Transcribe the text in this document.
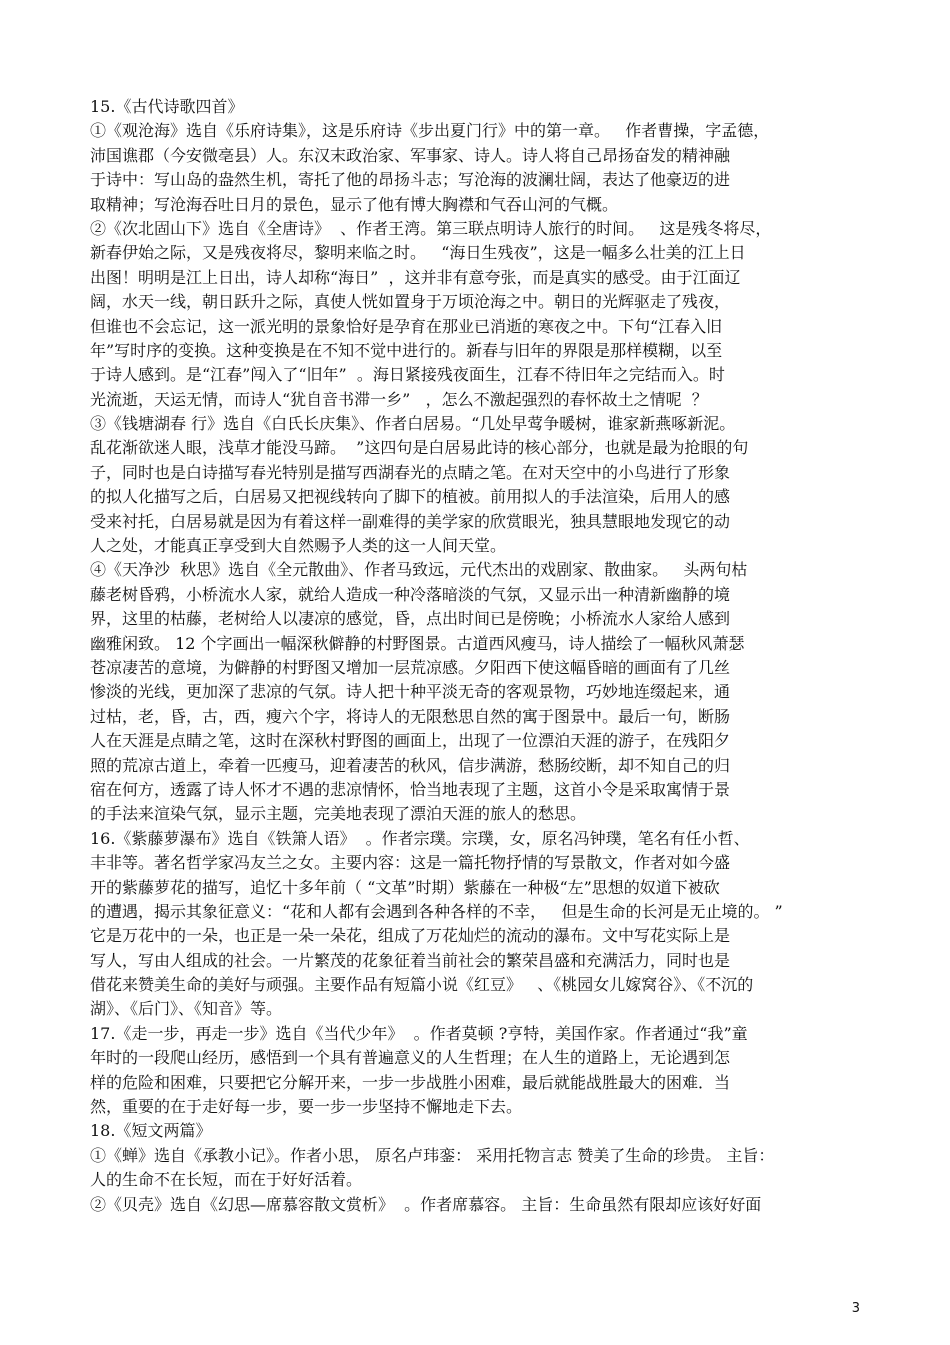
15.《古代诗歌四首》
①《观沧海》选自《乐府诗集》，这是乐府诗《步出夏门行》中的第一章。   作者曹操，字孟德，
沛国谯郡（今安微亳县）人。东汉末政治家、军事家、诗人。诗人将自己昂扬奋发的精神融
于诗中：写山岛的盎然生机，寄托了他的昂扬斗志；写沧海的波澜壮阔，表达了他豪迈的进
取精神；写沧海吞吐日月的景色，显示了他有博大胸襟和气吞山河的气概。
②《次北固山下》选自《全唐诗》  、作者王湾。第三联点明诗人旅行的时间。   这是残冬将尽，
新春伊始之际，又是残夜将尽，黎明来临之时。   “海日生残夜”，这是一幅多么壮美的江上日
出图！明明是江上日出，诗人却称“海日”  ，这并非有意夸张，而是真实的感受。由于江面辽
阔，水天一线，朝日跃升之际，真使人恍如置身于万顷沧海之中。朝日的光辉驱走了残夜，
但谁也不会忘记，这一派光明的景象恰好是孕育在那业已消逝的寒夜之中。下句“江春入旧
年”写时序的变换。这种变换是在不知不觉中进行的。新春与旧年的界限是那样模糊，以至
于诗人感到。是“江春”闯入了“旧年”  。海日紧接残夜面生，江春不待旧年之完结而入。时
光流逝，天运无情，而诗人“犹自音书滞一乡”   ，怎么不激起强烈的春怀故土之情呢  ？
③《钱塘湖春 行》选自《白氏长庆集》、作者白居易。“几处早莺争暖树，谁家新燕啄新泥。
乱花渐欲迷人眼，浅草才能没马蹄。  ”这四句是白居易此诗的核心部分，也就是最为抢眼的句
子，同时也是白诗描写春光特别是描写西湖春光的点睛之笔。在对天空中的小鸟进行了形象
的拟人化描写之后，白居易又把视线转向了脚下的植被。前用拟人的手法渲染，后用人的感
受来衬托，白居易就是因为有着这样一副难得的美学家的欣赏眼光，独具慧眼地发现它的动
人之处，才能真正享受到大自然赐予人类的这一人间天堂。
④《天净沙  秋思》选自《全元散曲》、作者马致远，元代杰出的戏剧家、散曲家。   头两句枯
藤老树昏鸦，小桥流水人家，就给人造成一种冷落暗淡的气氛，又显示出一种清新幽静的境
界，这里的枯藤，老树给人以凄凉的感觉，昏，点出时间已是傍晚；小桥流水人家给人感到
幽雅闲致。 12 个字画出一幅深秋僻静的村野图景。古道西风瘦马，诗人描绘了一幅秋风萧瑟
苍凉凄苦的意境，为僻静的村野图又增加一层荒凉感。夕阳西下使这幅昏暗的画面有了几丝
惨淡的光线，更加深了悲凉的气氛。诗人把十种平淡无奇的客观景物，巧妙地连缀起来，通
过枯，老，昏，古，西，瘦六个字，将诗人的无限愁思自然的寓于图景中。最后一句，断肠
人在天涯是点睛之笔，这时在深秋村野图的画面上，出现了一位漂泊天涯的游子，在残阳夕
照的荒凉古道上，牵着一匹瘦马，迎着凄苦的秋风，信步满游，愁肠绞断，却不知自己的归
宿在何方，透露了诗人怀才不遇的悲凉情怀，恰当地表现了主题，这首小令是采取寓情于景
的手法来渲染气氛，显示主题，完美地表现了漂泊天涯的旅人的愁思。
16.《紫藤萝瀑布》选自《铁箫人语》  。作者宗璞。宗璞，女，原名冯钟璞，笔名有任小哲、
丰非等。著名哲学家冯友兰之女。主要内容：这是一篇托物抒情的写景散文，作者对如今盛
开的紫藤萝花的描写，追忆十多年前（ “文革”时期）紫藤在一种极“左”思想的奴道下被砍
的遭遇，揭示其象征意义：“花和人都有会遇到各种各样的不幸，   但是生命的长河是无止境的。 ”
它是万花中的一朵，也正是一朵一朵花，组成了万花灿烂的流动的瀑布。文中写花实际上是
写人，写由人组成的社会。一片繁茂的花象征着当前社会的繁荣昌盛和充满活力，同时也是
借花来赞美生命的美好与顽强。主要作品有短篇小说《红豆》   、《桃园女儿嫁窝谷》、《不沉的
湖》、《后门》、《知音》等。
17.《走一步，再走一步》选自《当代少年》  。作者莫顿 ?亨特，美国作家。作者通过“我”童
年时的一段爬山经历，感悟到一个具有普遍意义的人生哲理；在人生的道路上，无论遇到怎
样的危险和困难，只要把它分解开来，一步一步战胜小困难，最后就能战胜最大的困难．当
然，重要的在于走好每一步，要一步一步坚持不懈地走下去。
18.《短文两篇》
①《蝉》选自《承教小记》。作者小思， 原名卢玮銮： 采用托物言志 赞美了生命的珍贵。 主旨：
人的生命不在长短，而在于好好活着。
②《贝壳》选自《幻思—席慕容散文赏析》  。作者席慕容。 主旨：生命虽然有限却应该好好面
3
